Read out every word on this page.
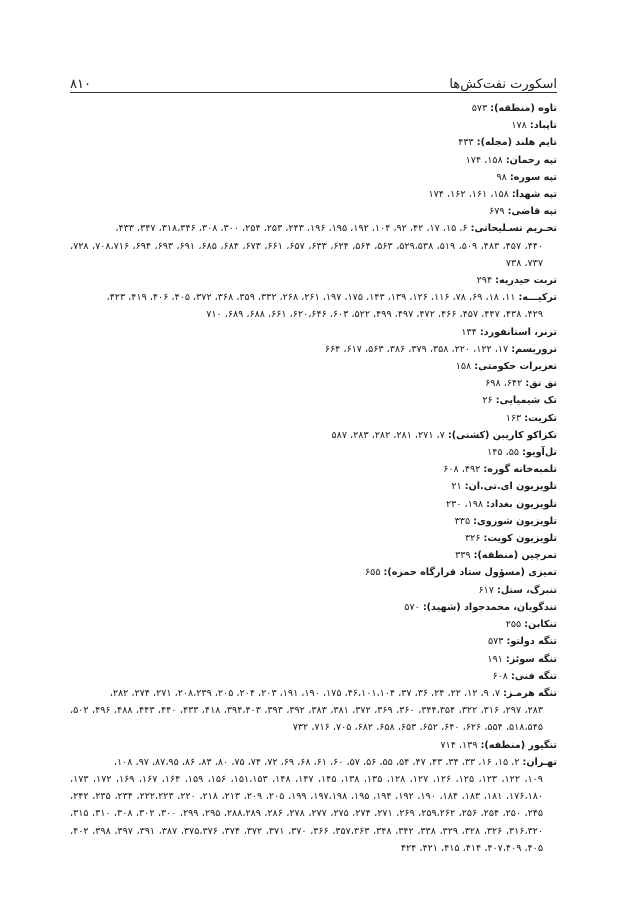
اسکورت نفت‌کش‌ها
۸۱۰
تاوه (منطقه): ۵۷۳
تاپباد: ۱۷۸
تایم هلند (مجله): ۴۳۳
تپه رحمان: ۱۵۸، ۱۷۴
تپه سوره: ۹۸
تپه شهدا: ۱۵۸، ۱۶۱، ۱۶۲، ۱۷۴
تپه قاضی: ۶۷۹
تحـریم تسـلیحاتی: ۶، ۱۵، ۱۷، ۴۲، ۹۲، ۱۰۴، ۱۹۲، ۱۹۵، ۱۹۶، ۲۴۳، ۲۵۳، ۲۵۴، ۳۰۰، ۳۰۸، ۳۱۸،۳۴۶، ۳۴۷، ۴۳۳،
۴۴۰، ۴۵۷، ۴۸۳، ۵۰۹، ۵۱۹، ۵۲۹،۵۳۸، ۵۶۳، ۵۶۴، ۶۲۴، ۶۳۳، ۶۵۷، ۶۶۱، ۶۷۳، ۶۸۴، ۶۸۵، ۶۹۱، ۶۹۳، ۶۹۴، ۷۰۸،۷۱۶، ۷۲۸، ۷۳۷، ۷۳۸
تربت حیدریه: ۲۹۴
ترکیـــه: ۱۱، ۱۸، ۶۹، ۷۸، ۱۱۶، ۱۲۶، ۱۳۹، ۱۴۳، ۱۷۵، ۱۹۷، ۲۶۱، ۲۶۸، ۳۳۲، ۳۵۹، ۳۶۸، ۳۷۲، ۴۰۵، ۴۰۶، ۴۱۹، ۴۲۳،
۴۲۹، ۴۳۸، ۴۴۷، ۴۵۷، ۴۶۶، ۴۷۲، ۴۹۷، ۴۹۹، ۵۲۲، ۶۰۳، ۶۲۰،۶۴۶، ۶۶۱، ۶۸۸، ۶۸۹، ۷۱۰
ترنر، استانفورد: ۱۳۴
تروریسم: ۱۷، ۱۲۲، ۲۲۰، ۳۵۸، ۳۷۹، ۳۸۶، ۵۶۳، ۶۱۷، ۶۶۴
تعزیرات حکومتی: ۱۵۸
تق تق: ۶۴۲، ۶۹۸
تک شیمیایی: ۲۶
تکریت: ۱۶۳
تکزاکو کاریبن (کشتی): ۷، ۲۷۱، ۲۸۱، ۲۸۲، ۲۸۳، ۵۸۷
تل‌آویو: ۵۵، ۱۴۵
تلمبه‌خانه گوره: ۴۹۲، ۶۰۸
تلویزیون ای.تی.ان: ۲۱
تلویزیون بغداد: ۱۹۸، ۲۳۰
تلویزیون شوروی: ۳۳۵
تلویزیون کویت: ۳۲۶
تمرچین (منطقه): ۳۳۹
تمیزی (مسؤول ستاد قرارگاه حمزه): ۶۵۵
تنبرگ، ستل: ۶۱۷
تندگویان، محمدجواد (شهید): ۵۷۰
تنکابن: ۲۵۵
تنگه دولتو: ۵۷۳
تنگه سوئز: ۱۹۱
تنگه فنی: ۶۰۸
تنگه هرمـز: ۷، ۹، ۱۲، ۲۲، ۲۴، ۳۶، ۳۷، ۴۶،۱۰۱،۱۰۴، ۱۷۵، ۱۹۰، ۱۹۱، ۲۰۳، ۲۰۴، ۲۰۵، ۲۰۸،۲۳۹، ۲۷۱، ۲۷۴، ۲۸۲،
۲۸۳، ۲۹۷، ۳۱۶، ۳۲۲، ۳۴۴،۳۵۴، ۳۶۰، ۳۶۹، ۳۷۲، ۳۸۱، ۳۸۳، ۳۹۲، ۳۹۳، ۳۹۴،۴۰۳، ۴۱۸، ۴۳۳، ۴۴۰، ۴۴۳، ۴۸۸، ۴۹۶، ۵۰۲، ۵۱۸،۵۴۵، ۵۵۴، ۶۲۶، ۶۴۰، ۶۵۲، ۶۵۳، ۶۵۸، ۶۸۲، ۷۰۵، ۷۱۶، ۷۳۲
تنگیور (منطقه): ۱۳۹، ۷۱۴
تهـران: ۲، ۱۵، ۱۶، ۳۳، ۳۴، ۴۳، ۴۷، ۵۴، ۵۵، ۵۶، ۵۷، ۶۰، ۶۱، ۶۸، ۶۹، ۷۲، ۷۴، ۷۵، ۸۰، ۸۳، ۸۶، ۸۷،۹۵، ۹۷، ۱۰۸،
۱۰۹، ۱۲۲، ۱۲۳، ۱۲۵، ۱۲۶، ۱۲۷، ۱۲۸، ۱۳۵، ۱۳۸، ۱۴۵، ۱۴۷، ۱۴۸، ۱۵۱،۱۵۳، ۱۵۶، ۱۵۹، ۱۶۴، ۱۶۷، ۱۶۹، ۱۷۲، ۱۷۳، ۱۷۶،۱۸۰، ۱۸۱، ۱۸۳، ۱۸۴، ۱۹۰، ۱۹۲، ۱۹۴، ۱۹۵، ۱۹۷،۱۹۸، ۱۹۹، ۲۰۵، ۲۰۹، ۲۱۳، ۲۱۸، ۲۲۰، ۲۲۲،۲۲۳، ۲۳۴، ۲۳۵، ۲۴۲، ۲۴۵، ۲۵۰، ۲۵۴، ۲۵۶، ۲۵۹،۲۶۲، ۲۶۹، ۲۷۱، ۲۷۴، ۲۷۵، ۲۷۷، ۲۷۸، ۲۸۶، ۲۸۸،۲۸۹، ۲۹۵، ۲۹۹، ۳۰۰، ۳۰۲، ۳۰۸، ۳۱۰، ۳۱۵، ۳۱۶،۳۲۰، ۳۲۶، ۳۲۸، ۳۲۹، ۳۳۸، ۳۴۲، ۳۴۸، ۳۵۷،۳۶۳، ۳۶۶، ۳۷۰، ۳۷۱، ۳۷۲، ۳۷۴، ۳۷۵،۳۷۶، ۳۸۷، ۳۹۱، ۳۹۷، ۳۹۸، ۴۰۲، ۴۰۵، ۴۰۷،۴۰۹، ۴۱۴، ۴۱۵، ۴۲۱، ۴۲۴
